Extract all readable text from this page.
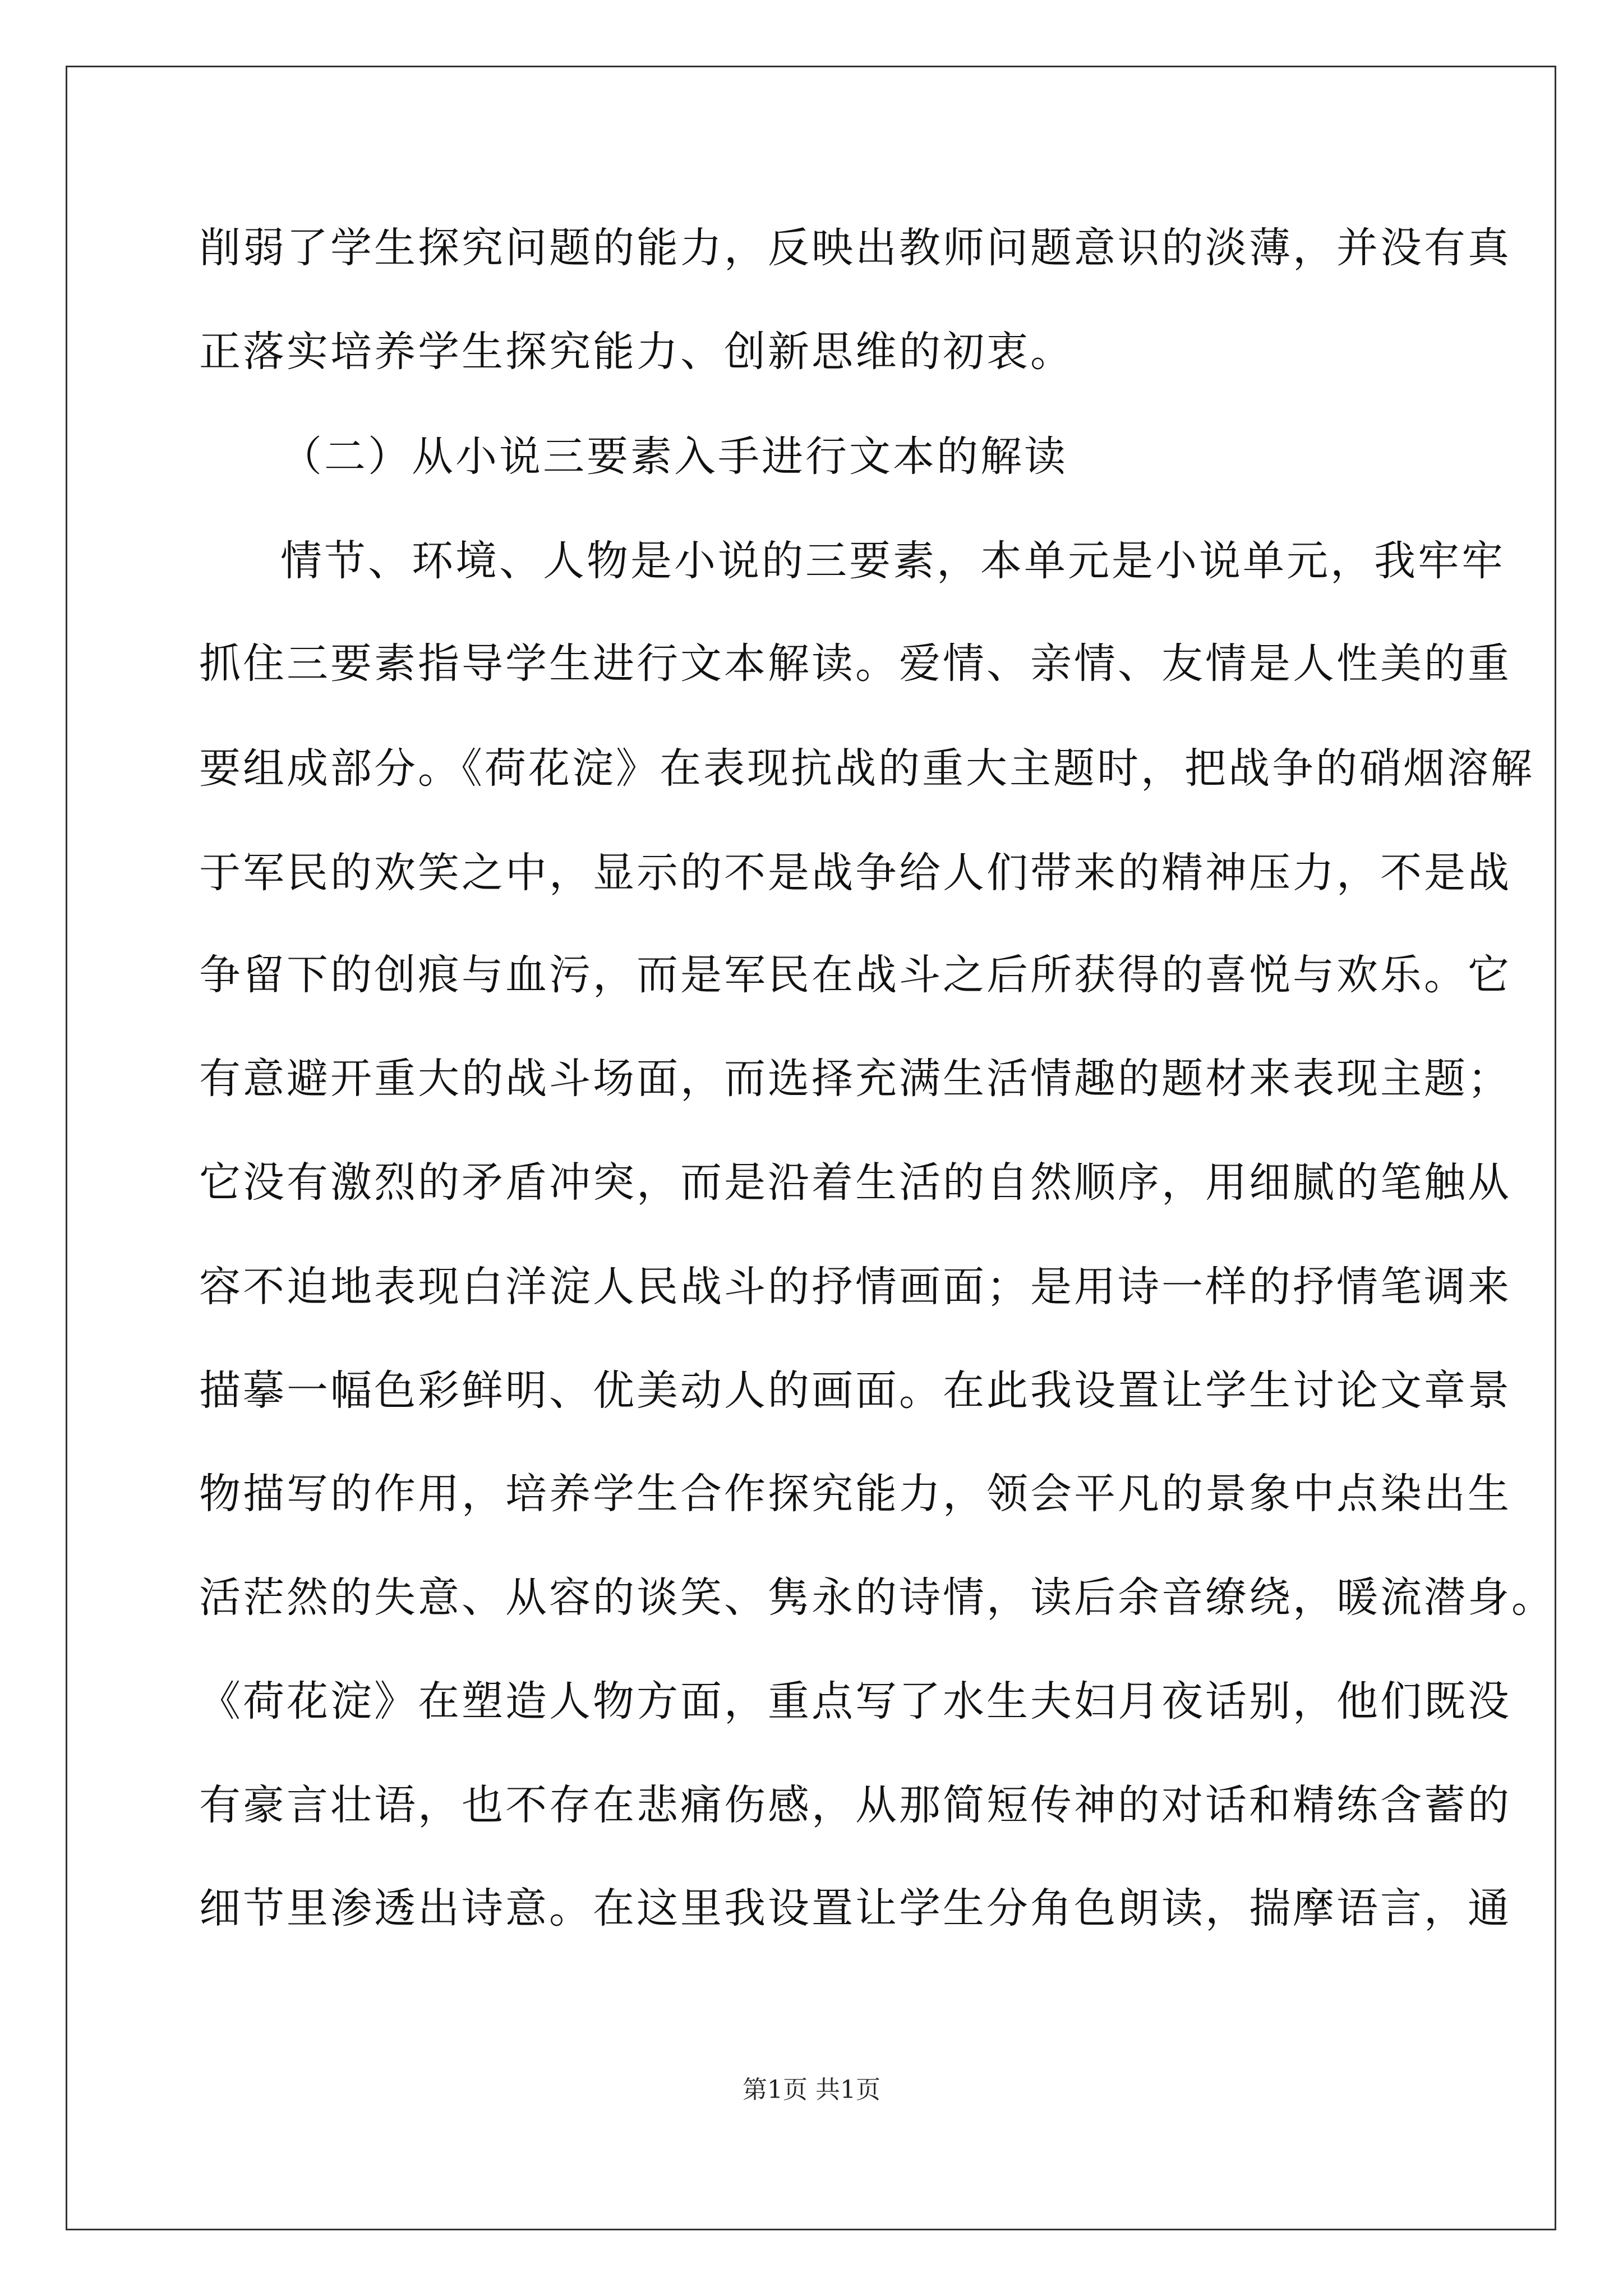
削弱了学生探究问题的能力，反映出教师问题意识的淡薄，并没有真

正落实培养学生探究能力、创新思维的初衷。

（二）从小说三要素入手进行文本的解读

情节、环境、人物是小说的三要素，本单元是小说单元，我牢牢

抓住三要素指导学生进行文本解读。爱情、亲情、友情是人性美的重

要组成部分。《荷花淀》在表现抗战的重大主题时，把战争的硝烟溶解

于军民的欢笑之中，显示的不是战争给人们带来的精神压力，不是战

争留下的创痕与血污，而是军民在战斗之后所获得的喜悦与欢乐。它

有意避开重大的战斗场面，而选择充满生活情趣的题材来表现主题；

它没有激烈的矛盾冲突，而是沿着生活的自然顺序，用细腻的笔触从

容不迫地表现白洋淀人民战斗的抒情画面；是用诗一样的抒情笔调来

描摹一幅色彩鲜明、优美动人的画面。在此我设置让学生讨论文章景

物描写的作用，培养学生合作探究能力，领会平凡的景象中点染出生

活茫然的失意、从容的谈笑、隽永的诗情，读后余音缭绕，暖流潜身。

《荷花淀》在塑造人物方面，重点写了水生夫妇月夜话别，他们既没

有豪言壮语，也不存在悲痛伤感，从那简短传神的对话和精练含蓄的

细节里渗透出诗意。在这里我设置让学生分角色朗读，揣摩语言，通

第1页 共1页
